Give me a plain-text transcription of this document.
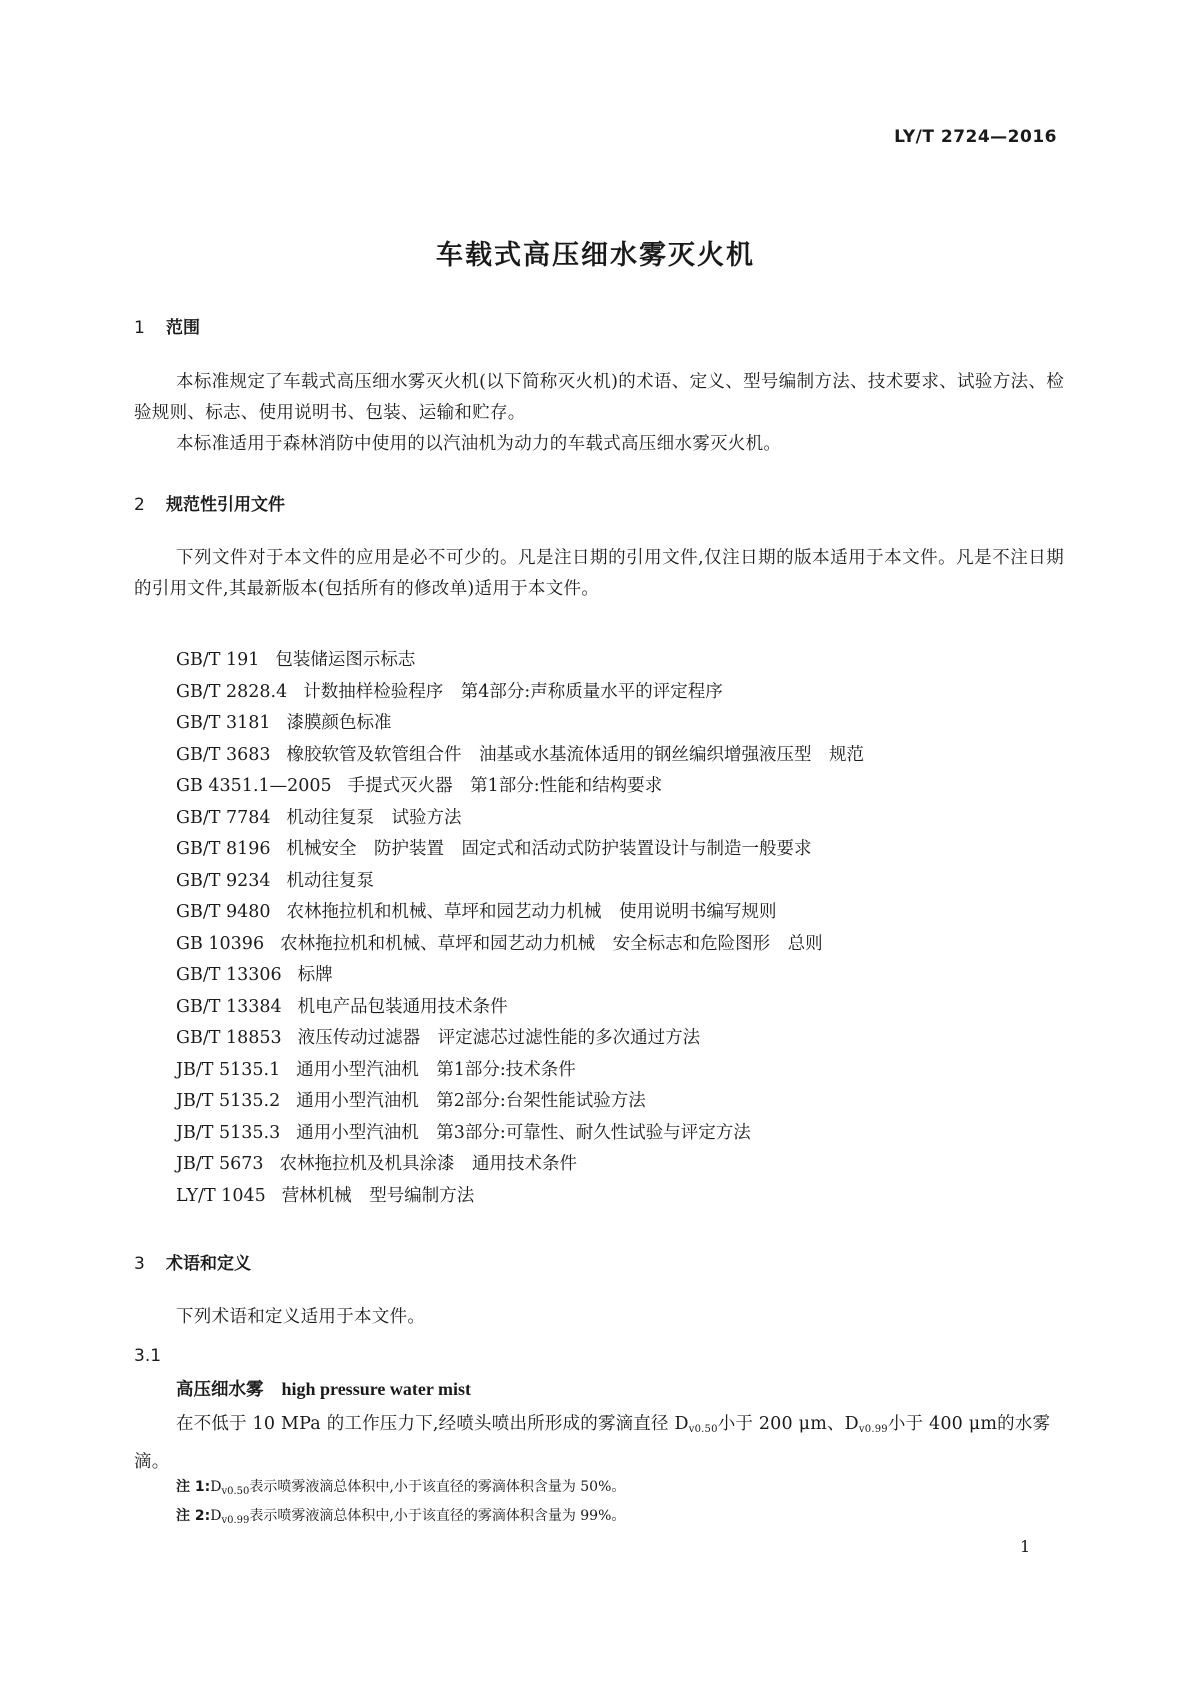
LY/T 2724—2016
车载式高压细水雾灭火机
1 范围
本标准规定了车载式高压细水雾灭火机(以下简称灭火机)的术语、定义、型号编制方法、技术要求、试验方法、检验规则、标志、使用说明书、包装、运输和贮存。
本标准适用于森林消防中使用的以汽油机为动力的车载式高压细水雾灭火机。
2 规范性引用文件
下列文件对于本文件的应用是必不可少的。凡是注日期的引用文件,仅注日期的版本适用于本文件。凡是不注日期的引用文件,其最新版本(包括所有的修改单)适用于本文件。
GB/T 191 包装储运图示标志
GB/T 2828.4 计数抽样检验程序　第4部分:声称质量水平的评定程序
GB/T 3181 漆膜颜色标准
GB/T 3683 橡胶软管及软管组合件　油基或水基流体适用的钢丝编织增强液压型　规范
GB 4351.1—2005 手提式灭火器　第1部分:性能和结构要求
GB/T 7784 机动往复泵　试验方法
GB/T 8196 机械安全　防护装置　固定式和活动式防护装置设计与制造一般要求
GB/T 9234 机动往复泵
GB/T 9480 农林拖拉机和机械、草坪和园艺动力机械　使用说明书编写规则
GB 10396 农林拖拉机和机械、草坪和园艺动力机械　安全标志和危险图形　总则
GB/T 13306 标牌
GB/T 13384 机电产品包装通用技术条件
GB/T 18853 液压传动过滤器　评定滤芯过滤性能的多次通过方法
JB/T 5135.1 通用小型汽油机　第1部分:技术条件
JB/T 5135.2 通用小型汽油机　第2部分:台架性能试验方法
JB/T 5135.3 通用小型汽油机　第3部分:可靠性、耐久性试验与评定方法
JB/T 5673 农林拖拉机及机具涂漆　通用技术条件
LY/T 1045 营林机械　型号编制方法
3 术语和定义
下列术语和定义适用于本文件。
3.1
高压细水雾 high pressure water mist
在不低于 10 MPa 的工作压力下,经喷头喷出所形成的雾滴直径 $D_{v0.50}$小于 200 μm、$D_{v0.99}$小于 400 μm的水雾滴。
注 $1:D_{v0.50}$表示喷雾液滴总体积中,小于该直径的雾滴体积含量为 50%。
注 $2:D_{v0.99}$表示喷雾液滴总体积中,小于该直径的雾滴体积含量为 99%。
1
